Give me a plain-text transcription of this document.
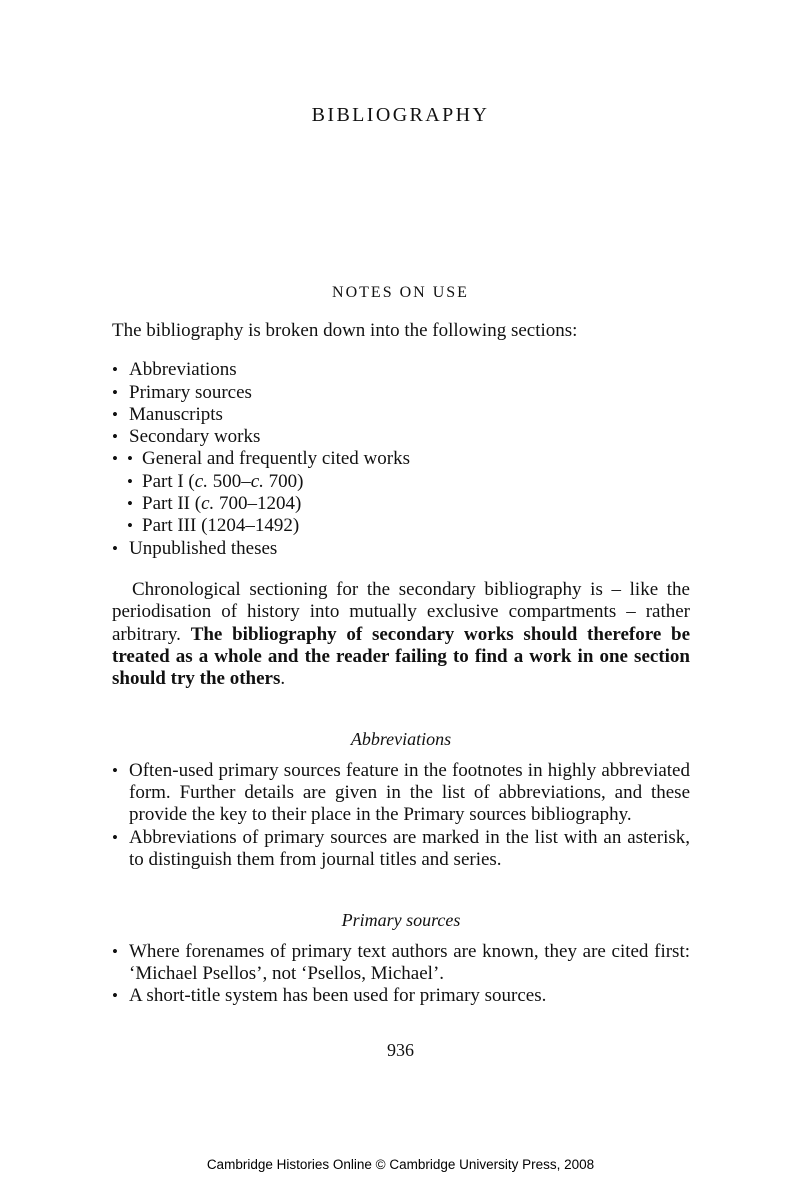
BIBLIOGRAPHY
NOTES ON USE

The bibliography is broken down into the following sections:

• Abbreviations
• Primary sources
• Manuscripts
• Secondary works
• • General and frequently cited works
• Part I (c. 500–c. 700)
• Part II (c. 700–1204)
• Part III (1204–1492)
• Unpublished theses

Chronological sectioning for the secondary bibliography is – like the periodisation of history into mutually exclusive compartments – rather arbitrary. The bibliography of secondary works should therefore be treated as a whole and the reader failing to find a work in one section should try the others.

Abbreviations
• Often-used primary sources feature in the footnotes in highly abbreviated form. Further details are given in the list of abbreviations, and these provide the key to their place in the Primary sources bibliography.
• Abbreviations of primary sources are marked in the list with an asterisk, to distinguish them from journal titles and series.
Primary sources
• Where forenames of primary text authors are known, they are cited first: ‘Michael Psellos’, not ‘Psellos, Michael’.
• A short-title system has been used for primary sources.
936
Cambridge Histories Online © Cambridge University Press, 2008
